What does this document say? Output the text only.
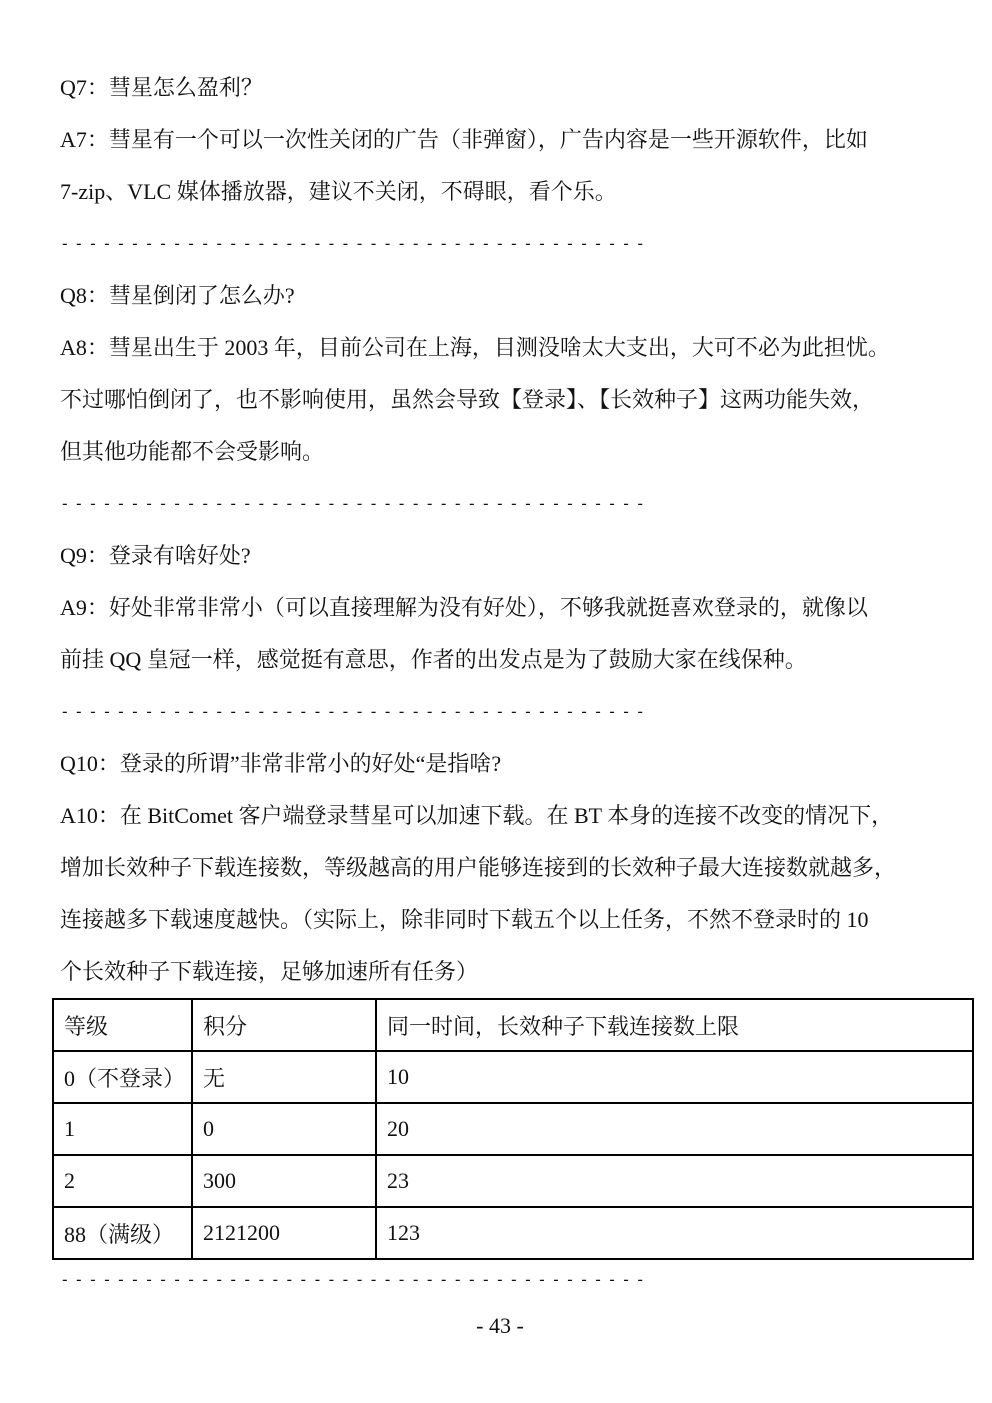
Q7：彗星怎么盈利？
A7：彗星有一个可以一次性关闭的广告（非弹窗），广告内容是一些开源软件，比如
7-zip、VLC 媒体播放器，建议不关闭，不碍眼，看个乐。
------------------------------------------
Q8：彗星倒闭了怎么办?
A8：彗星出生于 2003 年，目前公司在上海，目测没啥太大支出，大可不必为此担忧。
不过哪怕倒闭了，也不影响使用，虽然会导致【登录】、【长效种子】这两功能失效，
但其他功能都不会受影响。
------------------------------------------
Q9：登录有啥好处?
A9：好处非常非常小（可以直接理解为没有好处），不够我就挺喜欢登录的，就像以
前挂 QQ 皇冠一样，感觉挺有意思，作者的出发点是为了鼓励大家在线保种。
------------------------------------------
Q10：登录的所谓”非常非常小的好处“是指啥?
A10：在 BitComet 客户端登录彗星可以加速下载。在 BT 本身的连接不改变的情况下，
增加长效种子下载连接数，等级越高的用户能够连接到的长效种子最大连接数就越多，
连接越多下载速度越快。（实际上，除非同时下载五个以上任务，不然不登录时的 10
个长效种子下载连接，足够加速所有任务）
等级	积分	同一时间，长效种子下载连接数上限
0（不登录）	无	10
1	0	20
2	300	23
88（满级）	2121200	123
------------------------------------------
- 43 -
